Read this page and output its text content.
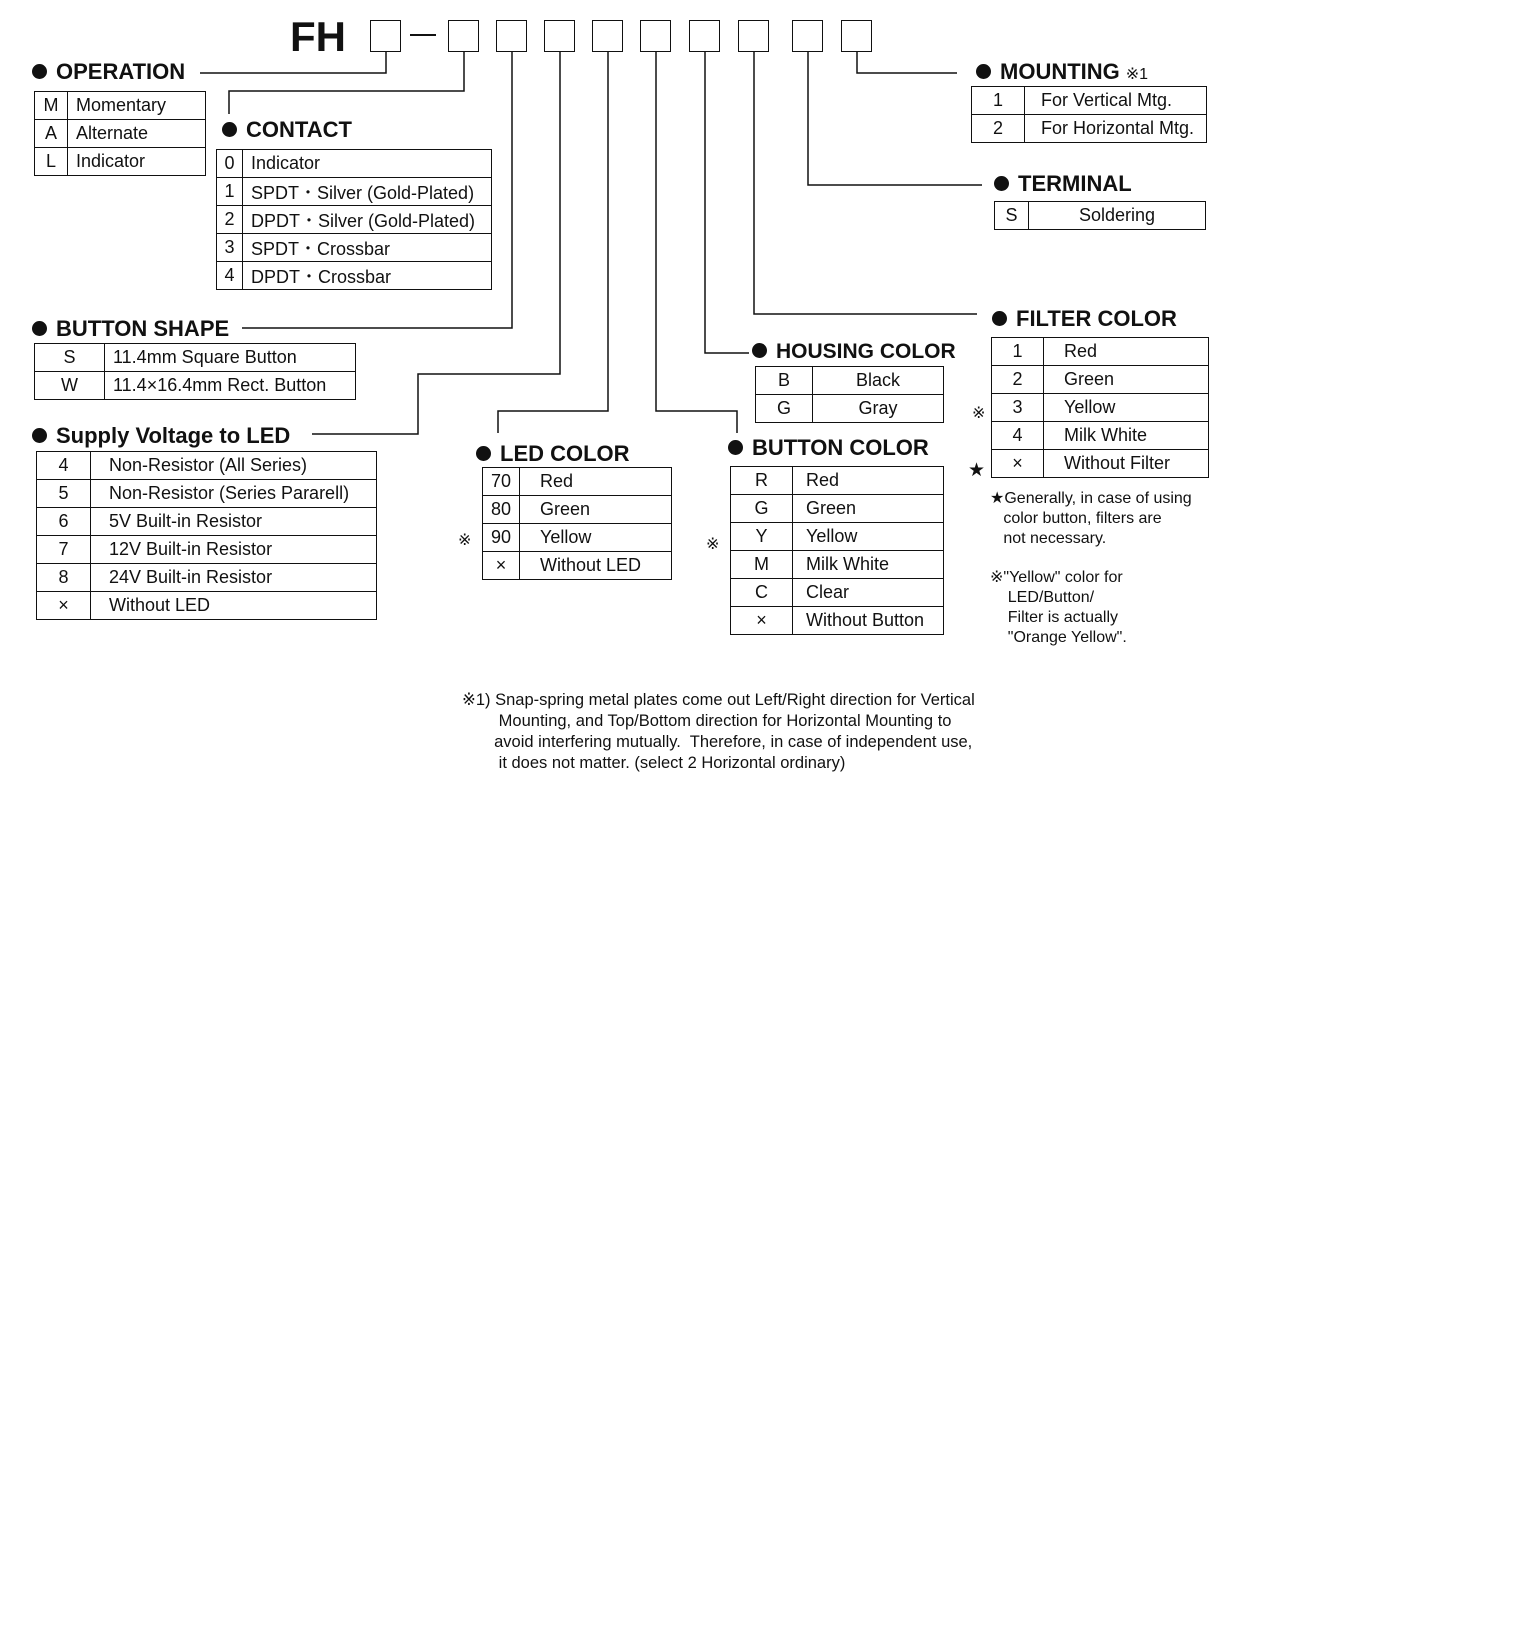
FH
OPERATION
M	Momentary
A	Alternate
L	Indicator
CONTACT
0	Indicator
1	SPDT・Silver (Gold-Plated)
2	DPDT・Silver (Gold-Plated)
3	SPDT・Crossbar
4	DPDT・Crossbar
BUTTON SHAPE
S	11.4mm Square Button
W	11.4×16.4mm Rect. Button
Supply Voltage to LED
4	Non-Resistor (All Series)
5	Non-Resistor (Series Pararell)
6	5V Built-in Resistor
7	12V Built-in Resistor
8	24V Built-in Resistor
×	Without LED
LED COLOR
※
70	Red
80	Green
90	Yellow
×	Without LED
HOUSING COLOR
B	Black
G	Gray
BUTTON COLOR
※
R	Red
G	Green
Y	Yellow
M	Milk White
C	Clear
×	Without Button
MOUNTING ※1
1	For Vertical Mtg.
2	For Horizontal Mtg.
TERMINAL
S	Soldering
FILTER COLOR
※
★
1	Red
2	Green
3	Yellow
4	Milk White
×	Without Filter
★Generally, in case of using
color button, filters are
not necessary.
※"Yellow" color for
LED/Button/
Filter is actually
"Orange Yellow".
※1) Snap-spring metal plates come out Left/Right direction for Vertical
Mounting, and Top/Bottom direction for Horizontal Mounting to
avoid interfering mutually.  Therefore, in case of independent use,
it does not matter. (select 2 Horizontal ordinary)
